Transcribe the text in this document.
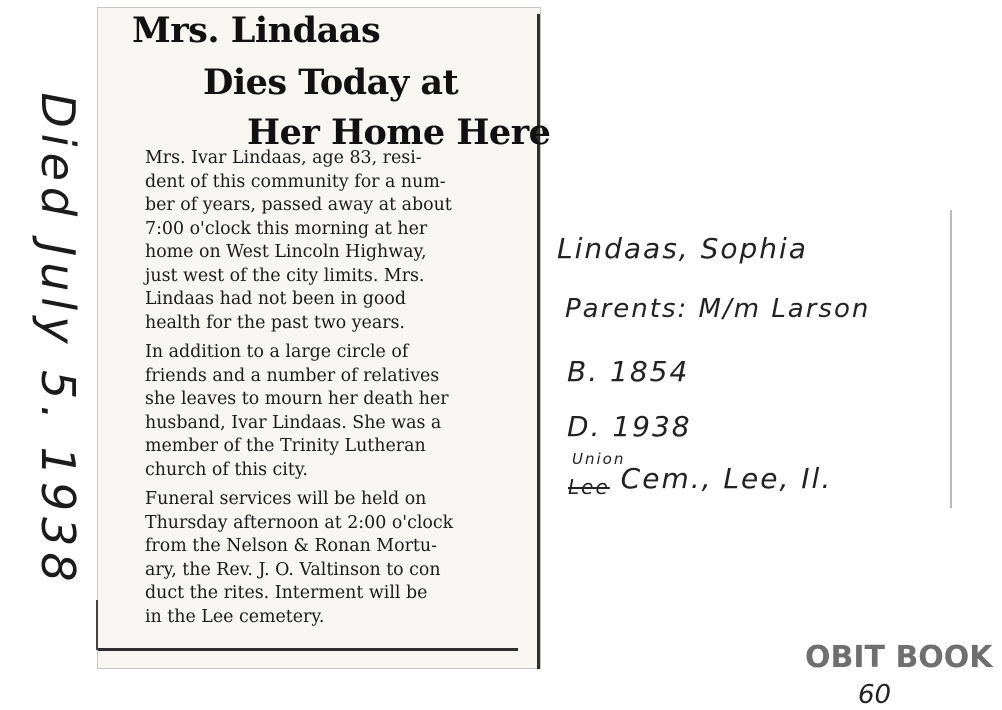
Mrs. Lindaas
Dies Today at
Her Home Here

Mrs. Ivar Lindaas, age 83, resi-
dent of this community for a num-
ber of years, passed away at about
7:00 o'clock this morning at her
home on West Lincoln Highway,
just west of the city limits. Mrs.
Lindaas had not been in good
health for the past two years.

In addition to a large circle of
friends and a number of relatives
she leaves to mourn her death her
husband, Ivar Lindaas. She was a
member of the Trinity Lutheran
church of this city.

Funeral services will be held on
Thursday afternoon at 2:00 o'clock
from the Nelson & Ronan Mortu-
ary, the Rev. J. O. Valtinson to con
duct the rites. Interment will be
in the Lee cemetery.

Died July 5. 1938	Lindaas, Sophia
Parents: M/m Larson
B. 1854
D. 1938
$_{Lee}$
Union
Cem., Lee, Il.
OBIT BOOK
60
